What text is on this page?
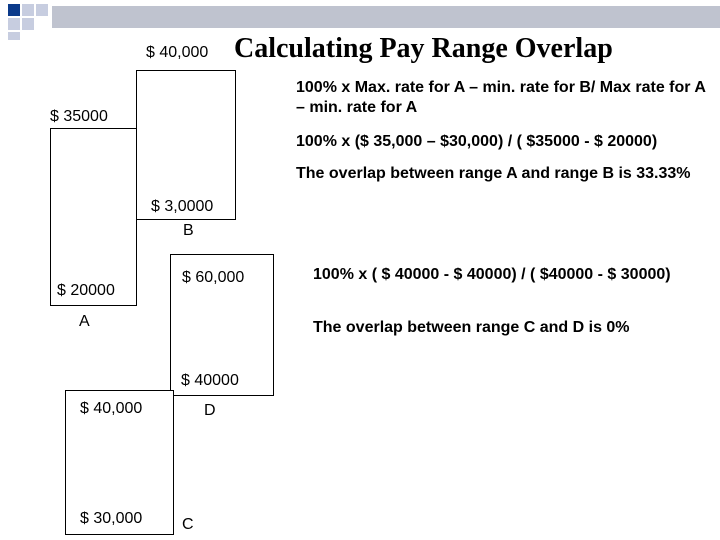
Calculating Pay Range Overlap
$ 40,000
$ 35000
$ 3,0000
B
$ 60,000
$ 20000
A
$ 40000
$ 40,000	D
$ 30,000 C
100% x Max. rate for A – min. rate for B/ Max rate for A – min. rate for A
100% x ($ 35,000 – $30,000) / ( $35000 - $ 20000)
The overlap between range A and range B is 33.33%
100% x ( $ 40000 - $ 40000) / ( $40000 - $ 30000)
The overlap between range C and D is 0%
